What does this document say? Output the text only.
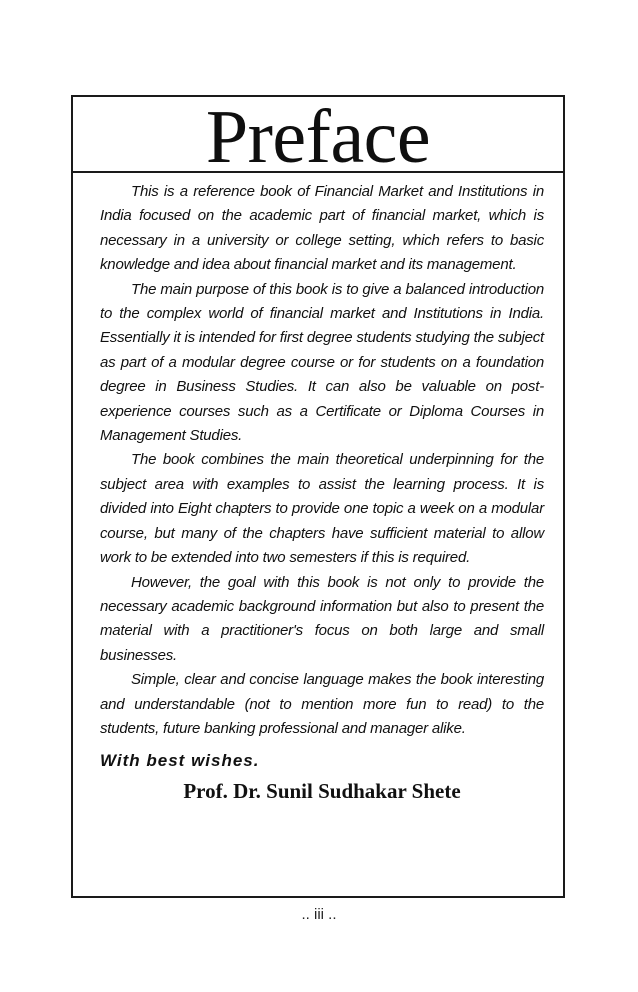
Preface

This is a reference book of Financial Market and Institutions in India focused on the academic part of financial market, which is necessary in a university or college setting, which refers to basic knowledge and idea about financial market and its management.

The main purpose of this book is to give a balanced introduction to the complex world of financial market and Institutions in India. Essentially it is intended for first degree students studying the subject as part of a modular degree course or for students on a foundation degree in Business Studies. It can also be valuable on post-experience courses such as a Certificate or Diploma Courses in Management Studies.

The book combines the main theoretical underpinning for the subject area with examples to assist the learning process. It is divided into Eight chapters to provide one topic a week on a modular course, but many of the chapters have sufficient material to allow work to be extended into two semesters if this is required.

However, the goal with this book is not only to provide the necessary academic background information but also to present the material with a practitioner's focus on both large and small businesses.

Simple, clear and concise language makes the book interesting and understandable (not to mention more fun to read) to the students, future banking professional and manager alike.

With best wishes.
Prof. Dr. Sunil Sudhakar Shete
.. iii ..
